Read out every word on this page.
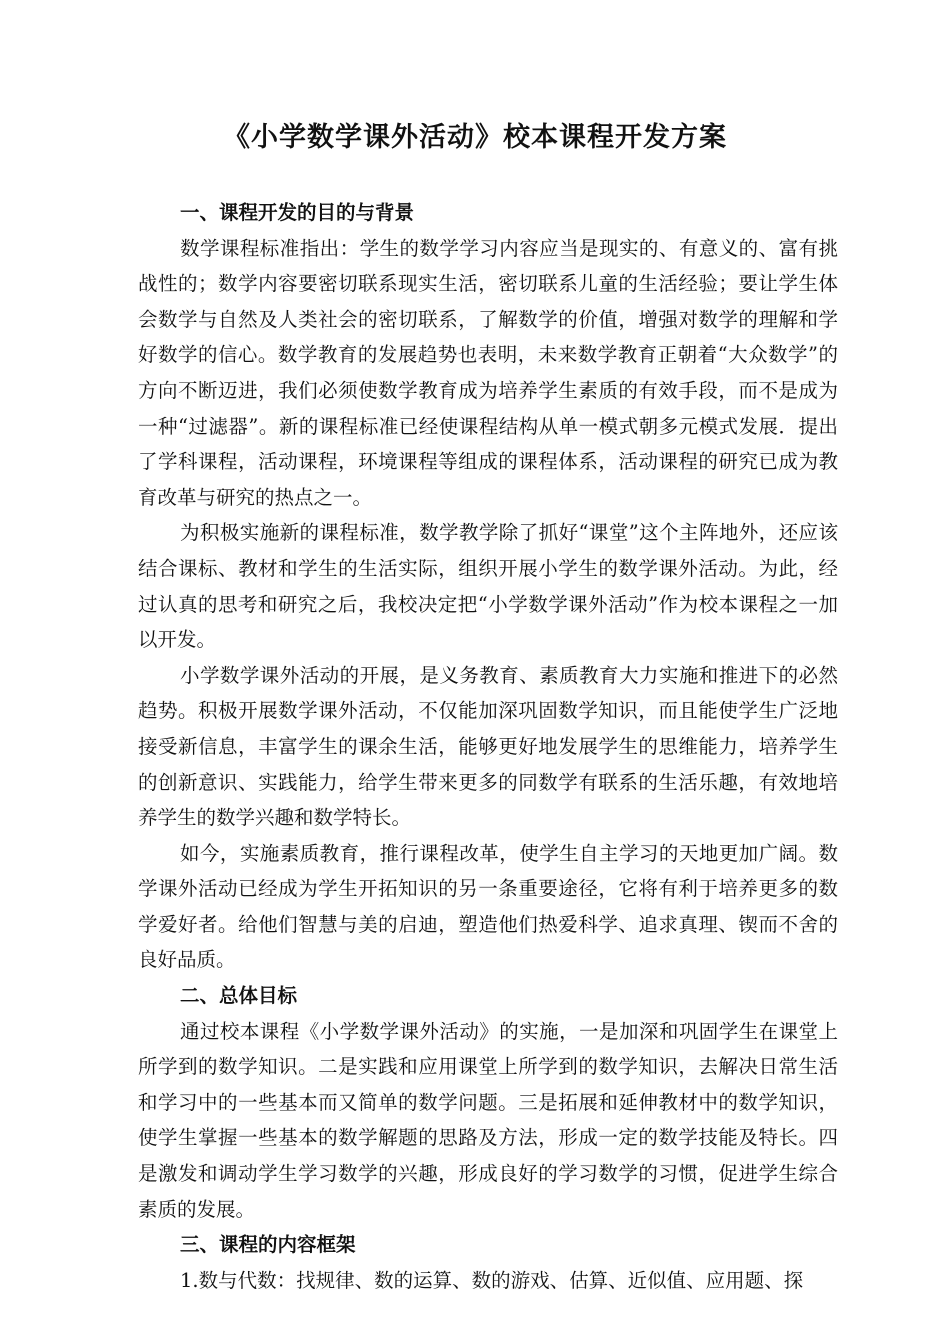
《小学数学课外活动》校本课程开发方案
一、课程开发的目的与背景

数学课程标准指出：学生的数学学习内容应当是现实的、有意义的、富有挑战性的；数学内容要密切联系现实生活，密切联系儿童的生活经验；要让学生体会数学与自然及人类社会的密切联系，了解数学的价值，增强对数学的理解和学好数学的信心。数学教育的发展趋势也表明，未来数学教育正朝着“大众数学”的方向不断迈进，我们必须使数学教育成为培养学生素质的有效手段，而不是成为一种“过滤器”。新的课程标准已经使课程结构从单一模式朝多元模式发展．提出了学科课程，活动课程，环境课程等组成的课程体系，活动课程的研究已成为教育改革与研究的热点之一。

为积极实施新的课程标准，数学教学除了抓好“课堂”这个主阵地外，还应该结合课标、教材和学生的生活实际，组织开展小学生的数学课外活动。为此，经过认真的思考和研究之后，我校决定把“小学数学课外活动”作为校本课程之一加以开发。

小学数学课外活动的开展，是义务教育、素质教育大力实施和推进下的必然趋势。积极开展数学课外活动，不仅能加深巩固数学知识，而且能使学生广泛地接受新信息，丰富学生的课余生活，能够更好地发展学生的思维能力，培养学生的创新意识、实践能力，给学生带来更多的同数学有联系的生活乐趣，有效地培养学生的数学兴趣和数学特长。

如今，实施素质教育，推行课程改革，使学生自主学习的天地更加广阔。数学课外活动已经成为学生开拓知识的另一条重要途径，它将有利于培养更多的数学爱好者。给他们智慧与美的启迪，塑造他们热爱科学、追求真理、锲而不舍的良好品质。

二、总体目标

通过校本课程《小学数学课外活动》的实施，一是加深和巩固学生在课堂上所学到的数学知识。二是实践和应用课堂上所学到的数学知识，去解决日常生活和学习中的一些基本而又简单的数学问题。三是拓展和延伸教材中的数学知识，使学生掌握一些基本的数学解题的思路及方法，形成一定的数学技能及特长。四是激发和调动学生学习数学的兴趣，形成良好的学习数学的习惯，促进学生综合素质的发展。

三、课程的内容框架

1.数与代数：找规律、数的运算、数的游戏、估算、近似值、应用题、探
